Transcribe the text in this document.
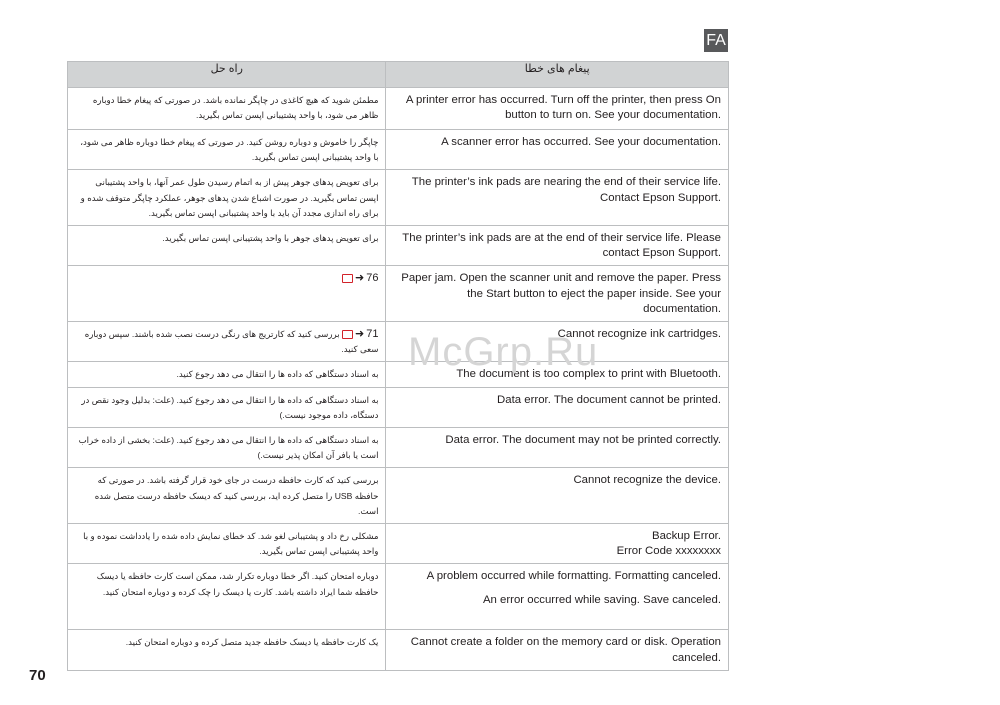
FA
راه حل	پیغام های خطا
مطمئن شوید که هیچ کاغذی در چاپگر نمانده باشد. در صورتی که پیغام خطا دوباره ظاهر می شود، با واحد پشتیبانی اپسن تماس بگیرید.	A printer error has occurred. Turn off the printer, then press On button to turn on. See your documentation.

چاپگر را خاموش و دوباره روشن کنید. در صورتی که پیغام خطا دوباره ظاهر می شود، با واحد پشتیبانی اپسن تماس بگیرید.	A scanner error has occurred. See your documentation.

برای تعویض پدهای جوهر پیش از به اتمام رسیدن طول عمر آنها، با واحد پشتیبانی اپسن تماس بگیرید. در صورت اشباع شدن پدهای جوهر، عملکرد چاپگر متوقف شده و برای راه اندازی مجدد آن باید با واحد پشتیبانی اپسن تماس بگیرید.	The printer’s ink pads are nearing the end of their service life. Contact Epson Support.

برای تعویض پدهای جوهر با واحد پشتیبانی اپسن تماس بگیرید.	The printer’s ink pads are at the end of their service life. Please contact Epson Support.

➜ 76	Paper jam. Open the scanner unit and remove the paper. Press the Start button to eject the paper inside. See your documentation.

➜ 71 بررسی کنید که کارتریج های رنگی درست نصب شده باشند. سپس دوباره سعی کنید.	Cannot recognize ink cartridges.

به اسناد دستگاهی که داده ها را انتقال می دهد رجوع کنید.	The document is too complex to print with Bluetooth.

به اسناد دستگاهی که داده ها را انتقال می دهد رجوع کنید. (علت: بدلیل وجود نقص در دستگاه، داده موجود نیست.)	Data error. The document cannot be printed.

به اسناد دستگاهی که داده ها را انتقال می دهد رجوع کنید. (علت: بخشی از داده خراب است یا بافر آن امکان پذیر نیست.)	Data error. The document may not be printed correctly.

بررسی کنید که کارت حافظه درست در جای خود قرار گرفته باشد. در صورتی که حافظه USB را متصل کرده اید، بررسی کنید که دیسک حافظه درست متصل شده است.	Cannot recognize the device.

مشکلی رخ داد و پشتیبانی لغو شد. کد خطای نمایش داده شده را یادداشت نموده و با واحد پشتیبانی اپسن تماس بگیرید.	Backup Error.
Error Code xxxxxxxx

دوباره امتحان کنید. اگر خطا دوباره تکرار شد، ممکن است کارت حافظه یا دیسک حافظه شما ایراد داشته باشد. کارت یا دیسک را چک کرده و دوباره امتحان کنید.	A problem occurred while formatting. Formatting canceled.
An error occurred while saving. Save canceled.

یک کارت حافظه یا دیسک حافظه جدید متصل کرده و دوباره امتحان کنید.	Cannot create a folder on the memory card or disk. Operation canceled.
McGrp.Ru
70
